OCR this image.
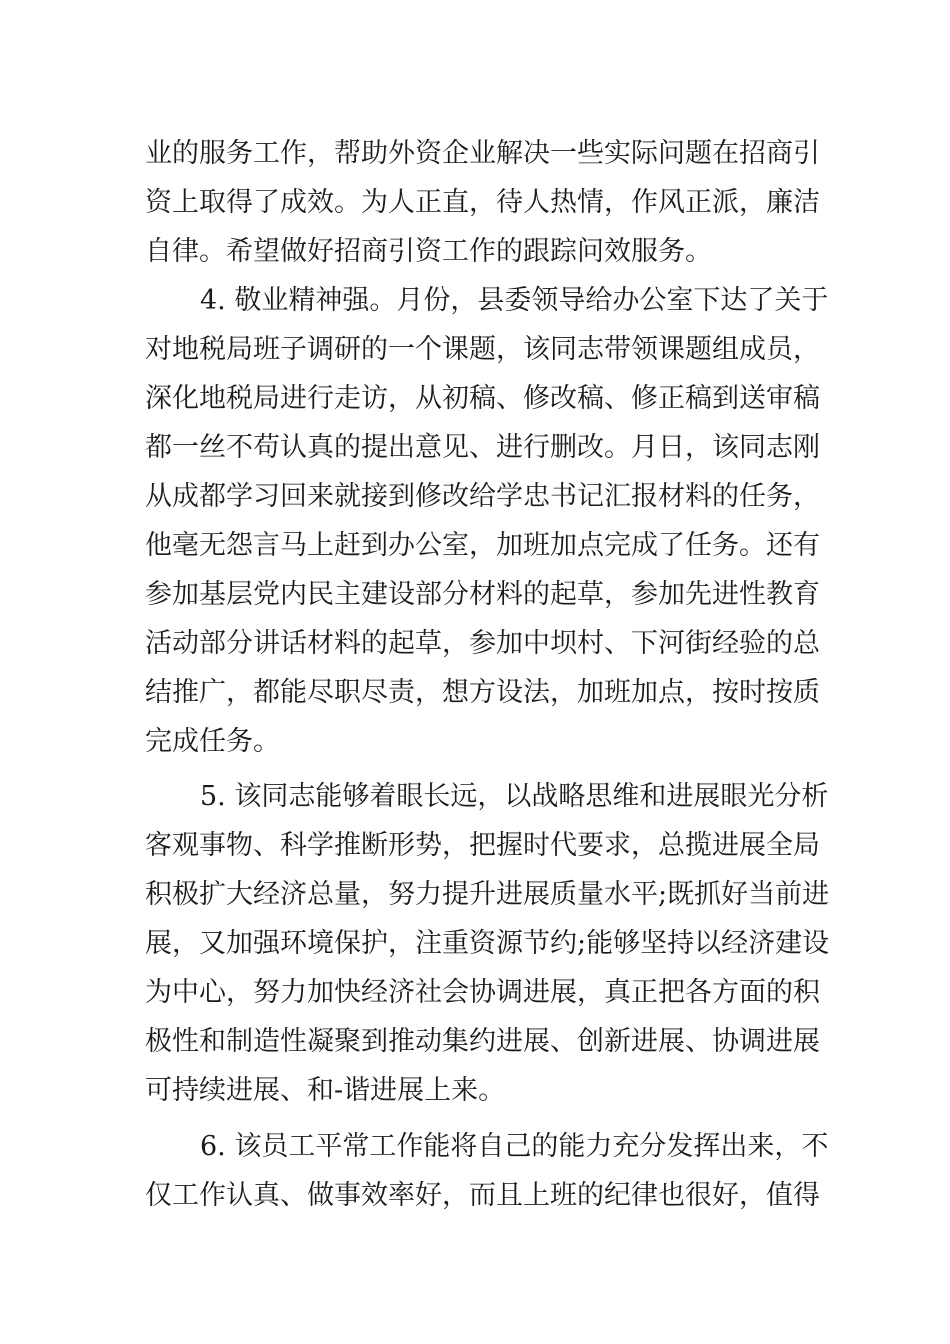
业的服务工作，帮助外资企业解决一些实际问题在招商引
资上取得了成效。为人正直，待人热情，作风正派，廉洁
自律。希望做好招商引资工作的跟踪问效服务。
4. 敬业精神强。月份，县委领导给办公室下达了关于
对地税局班子调研的一个课题，该同志带领课题组成员，
深化地税局进行走访，从初稿、修改稿、修正稿到送审稿
都一丝不苟认真的提出意见、进行删改。月日，该同志刚
从成都学习回来就接到修改给学忠书记汇报材料的任务，
他毫无怨言马上赶到办公室，加班加点完成了任务。还有
参加基层党内民主建设部分材料的起草，参加先进性教育
活动部分讲话材料的起草，参加中坝村、下河街经验的总
结推广，都能尽职尽责，想方设法，加班加点，按时按质
完成任务。
5. 该同志能够着眼长远，以战略思维和进展眼光分析
客观事物、科学推断形势，把握时代要求，总揽进展全局
积极扩大经济总量，努力提升进展质量水平;既抓好当前进
展，又加强环境保护，注重资源节约;能够坚持以经济建设
为中心，努力加快经济社会协调进展，真正把各方面的积
极性和制造性凝聚到推动集约进展、创新进展、协调进展
可持续进展、和-谐进展上来。
6. 该员工平常工作能将自己的能力充分发挥出来，不
仅工作认真、做事效率好，而且上班的纪律也很好，值得
